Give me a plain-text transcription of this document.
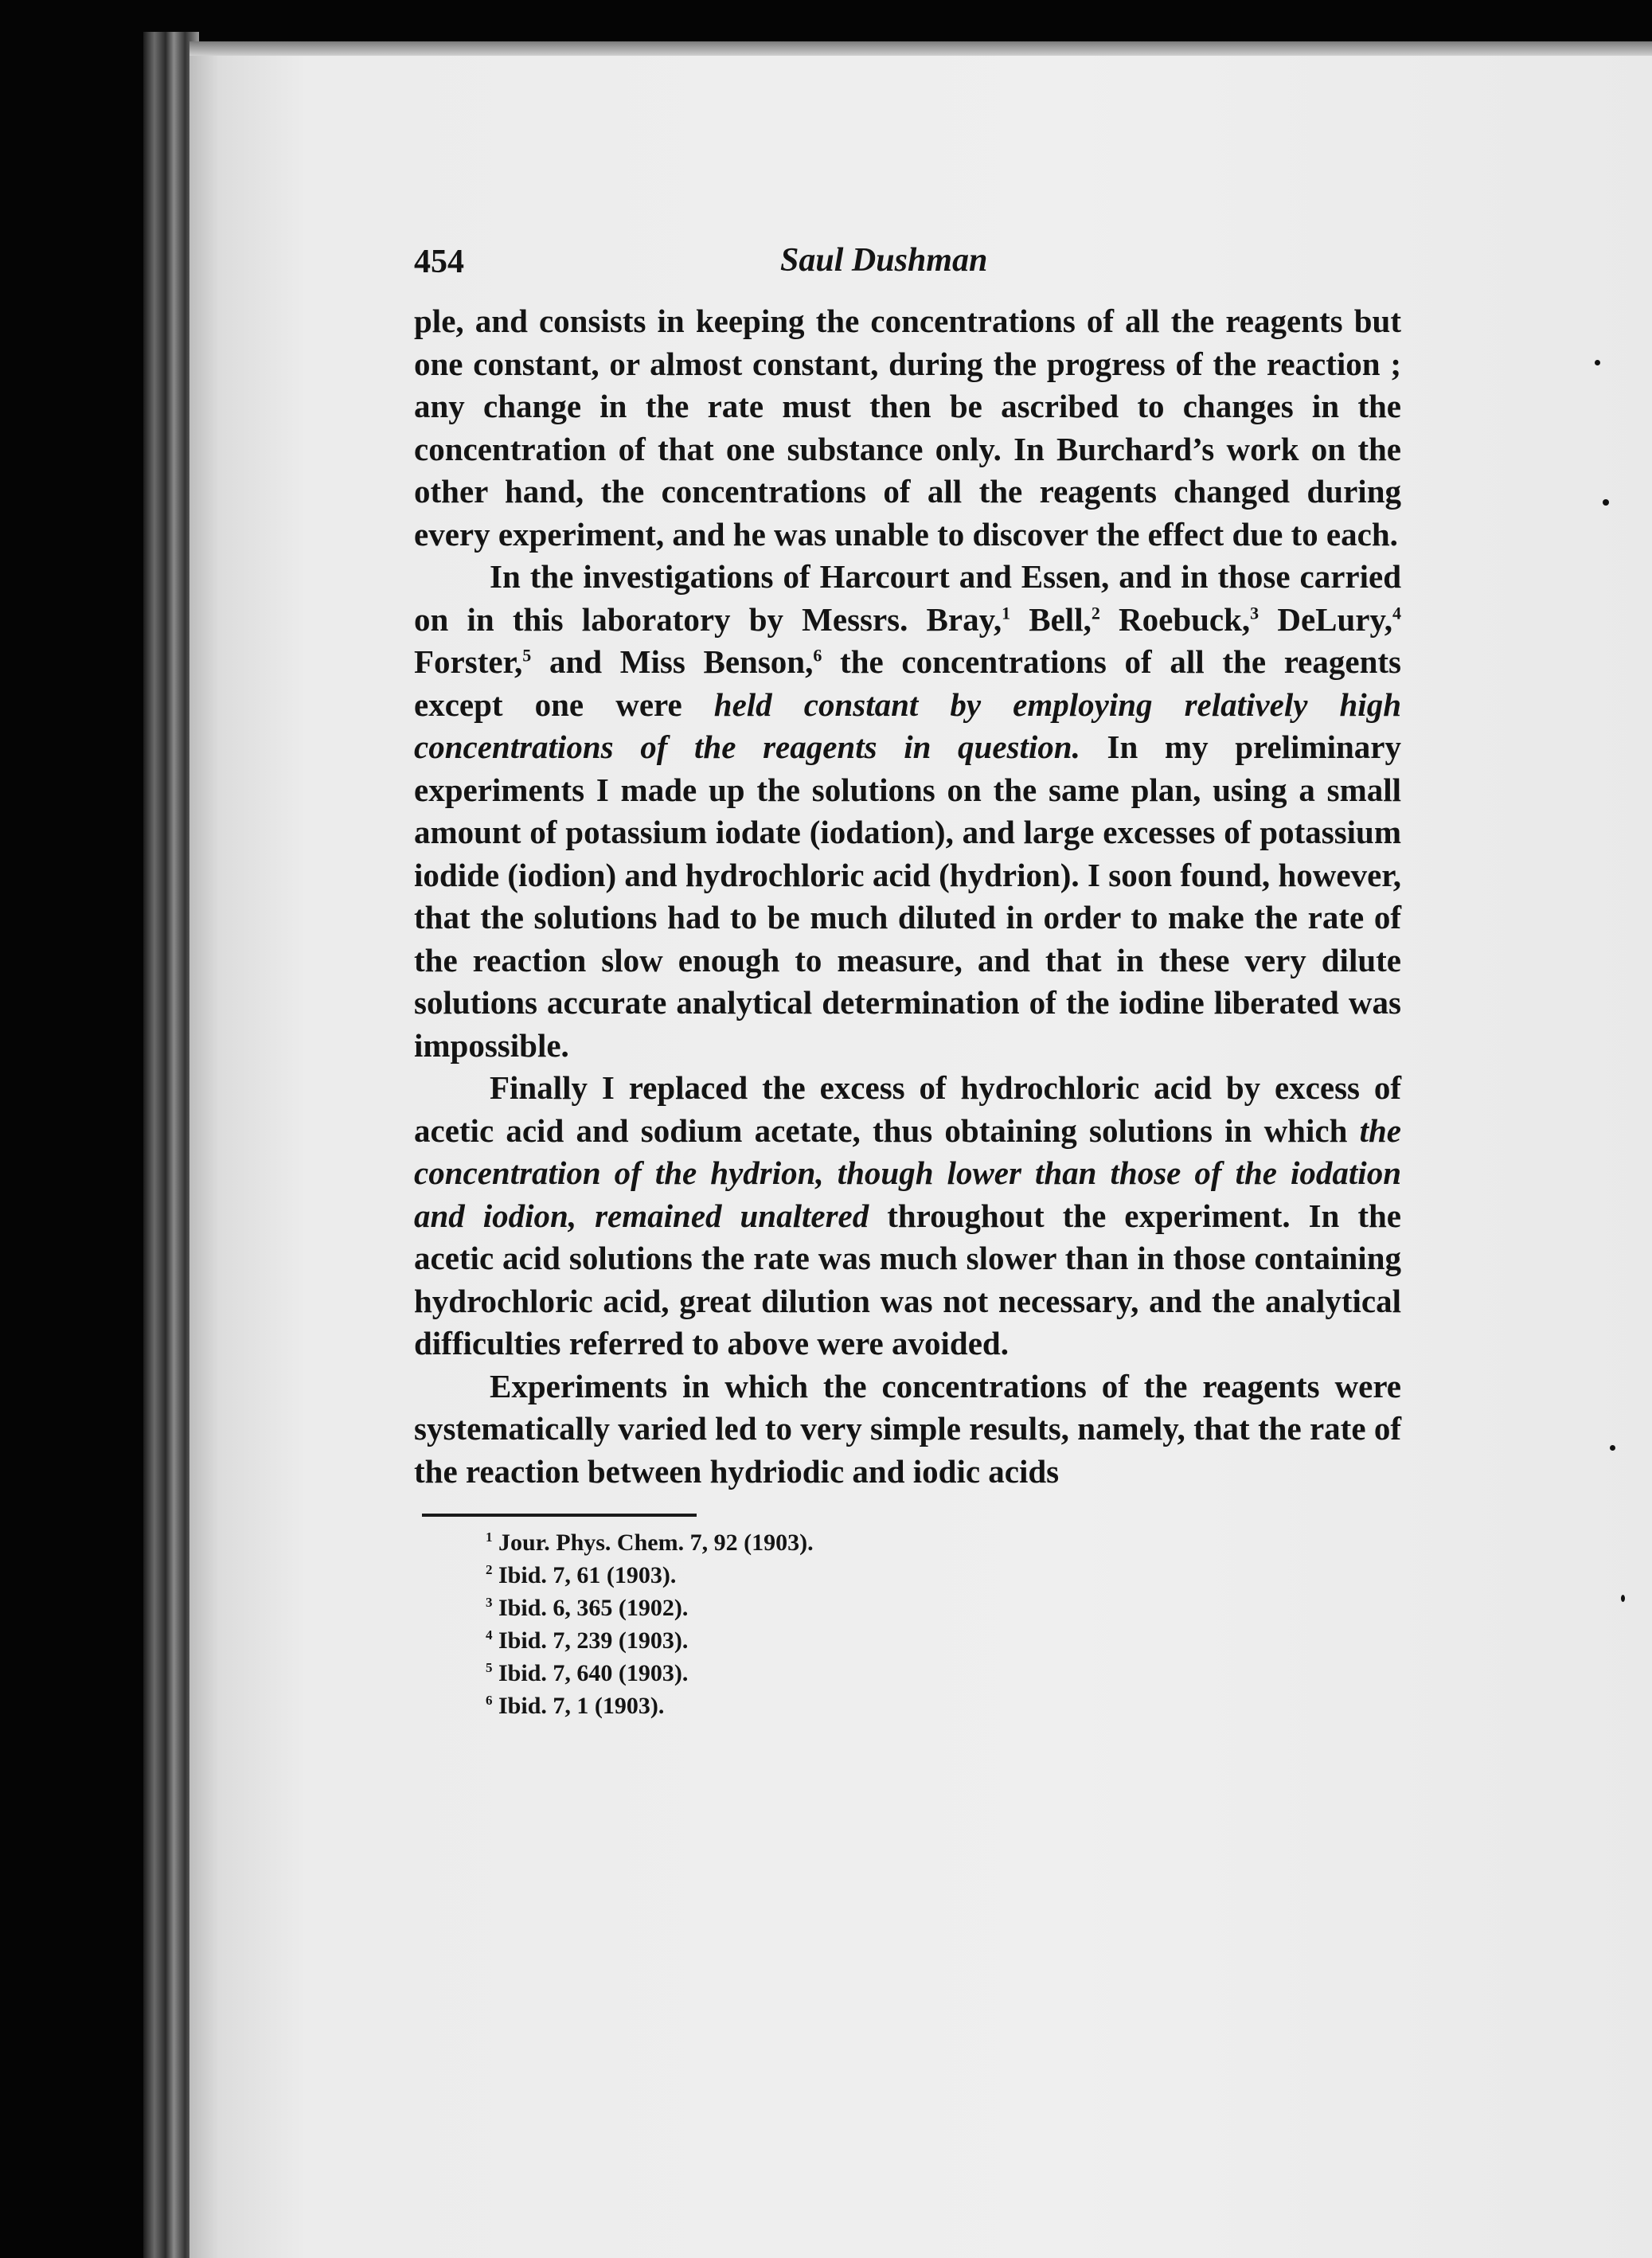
454	Saul Dushman

ple, and consists in keeping the concentrations of all the reagents but one constant, or almost constant, during the progress of the reaction ; any change in the rate must then be ascribed to changes in the concentration of that one substance only. In Burchard’s work on the other hand, the concentrations of all the reagents changed during every experiment, and he was unable to discover the effect due to each.

In the investigations of Harcourt and Essen, and in those carried on in this laboratory by Messrs. Bray,$^1$ Bell,$^2$ Roebuck,$^3$ DeLury,$^4$ Forster,$^5$ and Miss Benson,$^6$ the concentrations of all the reagents except one were held constant by employing relatively high concentrations of the reagents in question. In my preliminary experiments I made up the solutions on the same plan, using a small amount of potassium iodate (iodation), and large excesses of potassium iodide (iodion) and hydrochloric acid (hydrion). I soon found, however, that the solutions had to be much diluted in order to make the rate of the reaction slow enough to measure, and that in these very dilute solutions accurate analytical determination of the iodine liberated was impossible.

Finally I replaced the excess of hydrochloric acid by excess of acetic acid and sodium acetate, thus obtaining solutions in which the concentration of the hydrion, though lower than those of the iodation and iodion, remained unaltered throughout the experiment. In the acetic acid solutions the rate was much slower than in those containing hydrochloric acid, great dilution was not necessary, and the analytical difficulties referred to above were avoided.

Experiments in which the concentrations of the reagents were systematically varied led to very simple results, namely, that the rate of the reaction between hydriodic and iodic acids

$^1$ Jour. Phys. Chem. 7, 92 (1903).
$^2$ Ibid. 7, 61 (1903).
$^3$ Ibid. 6, 365 (1902).
$^4$ Ibid. 7, 239 (1903).
$^5$ Ibid. 7, 640 (1903).
$^6$ Ibid. 7, 1 (1903).
